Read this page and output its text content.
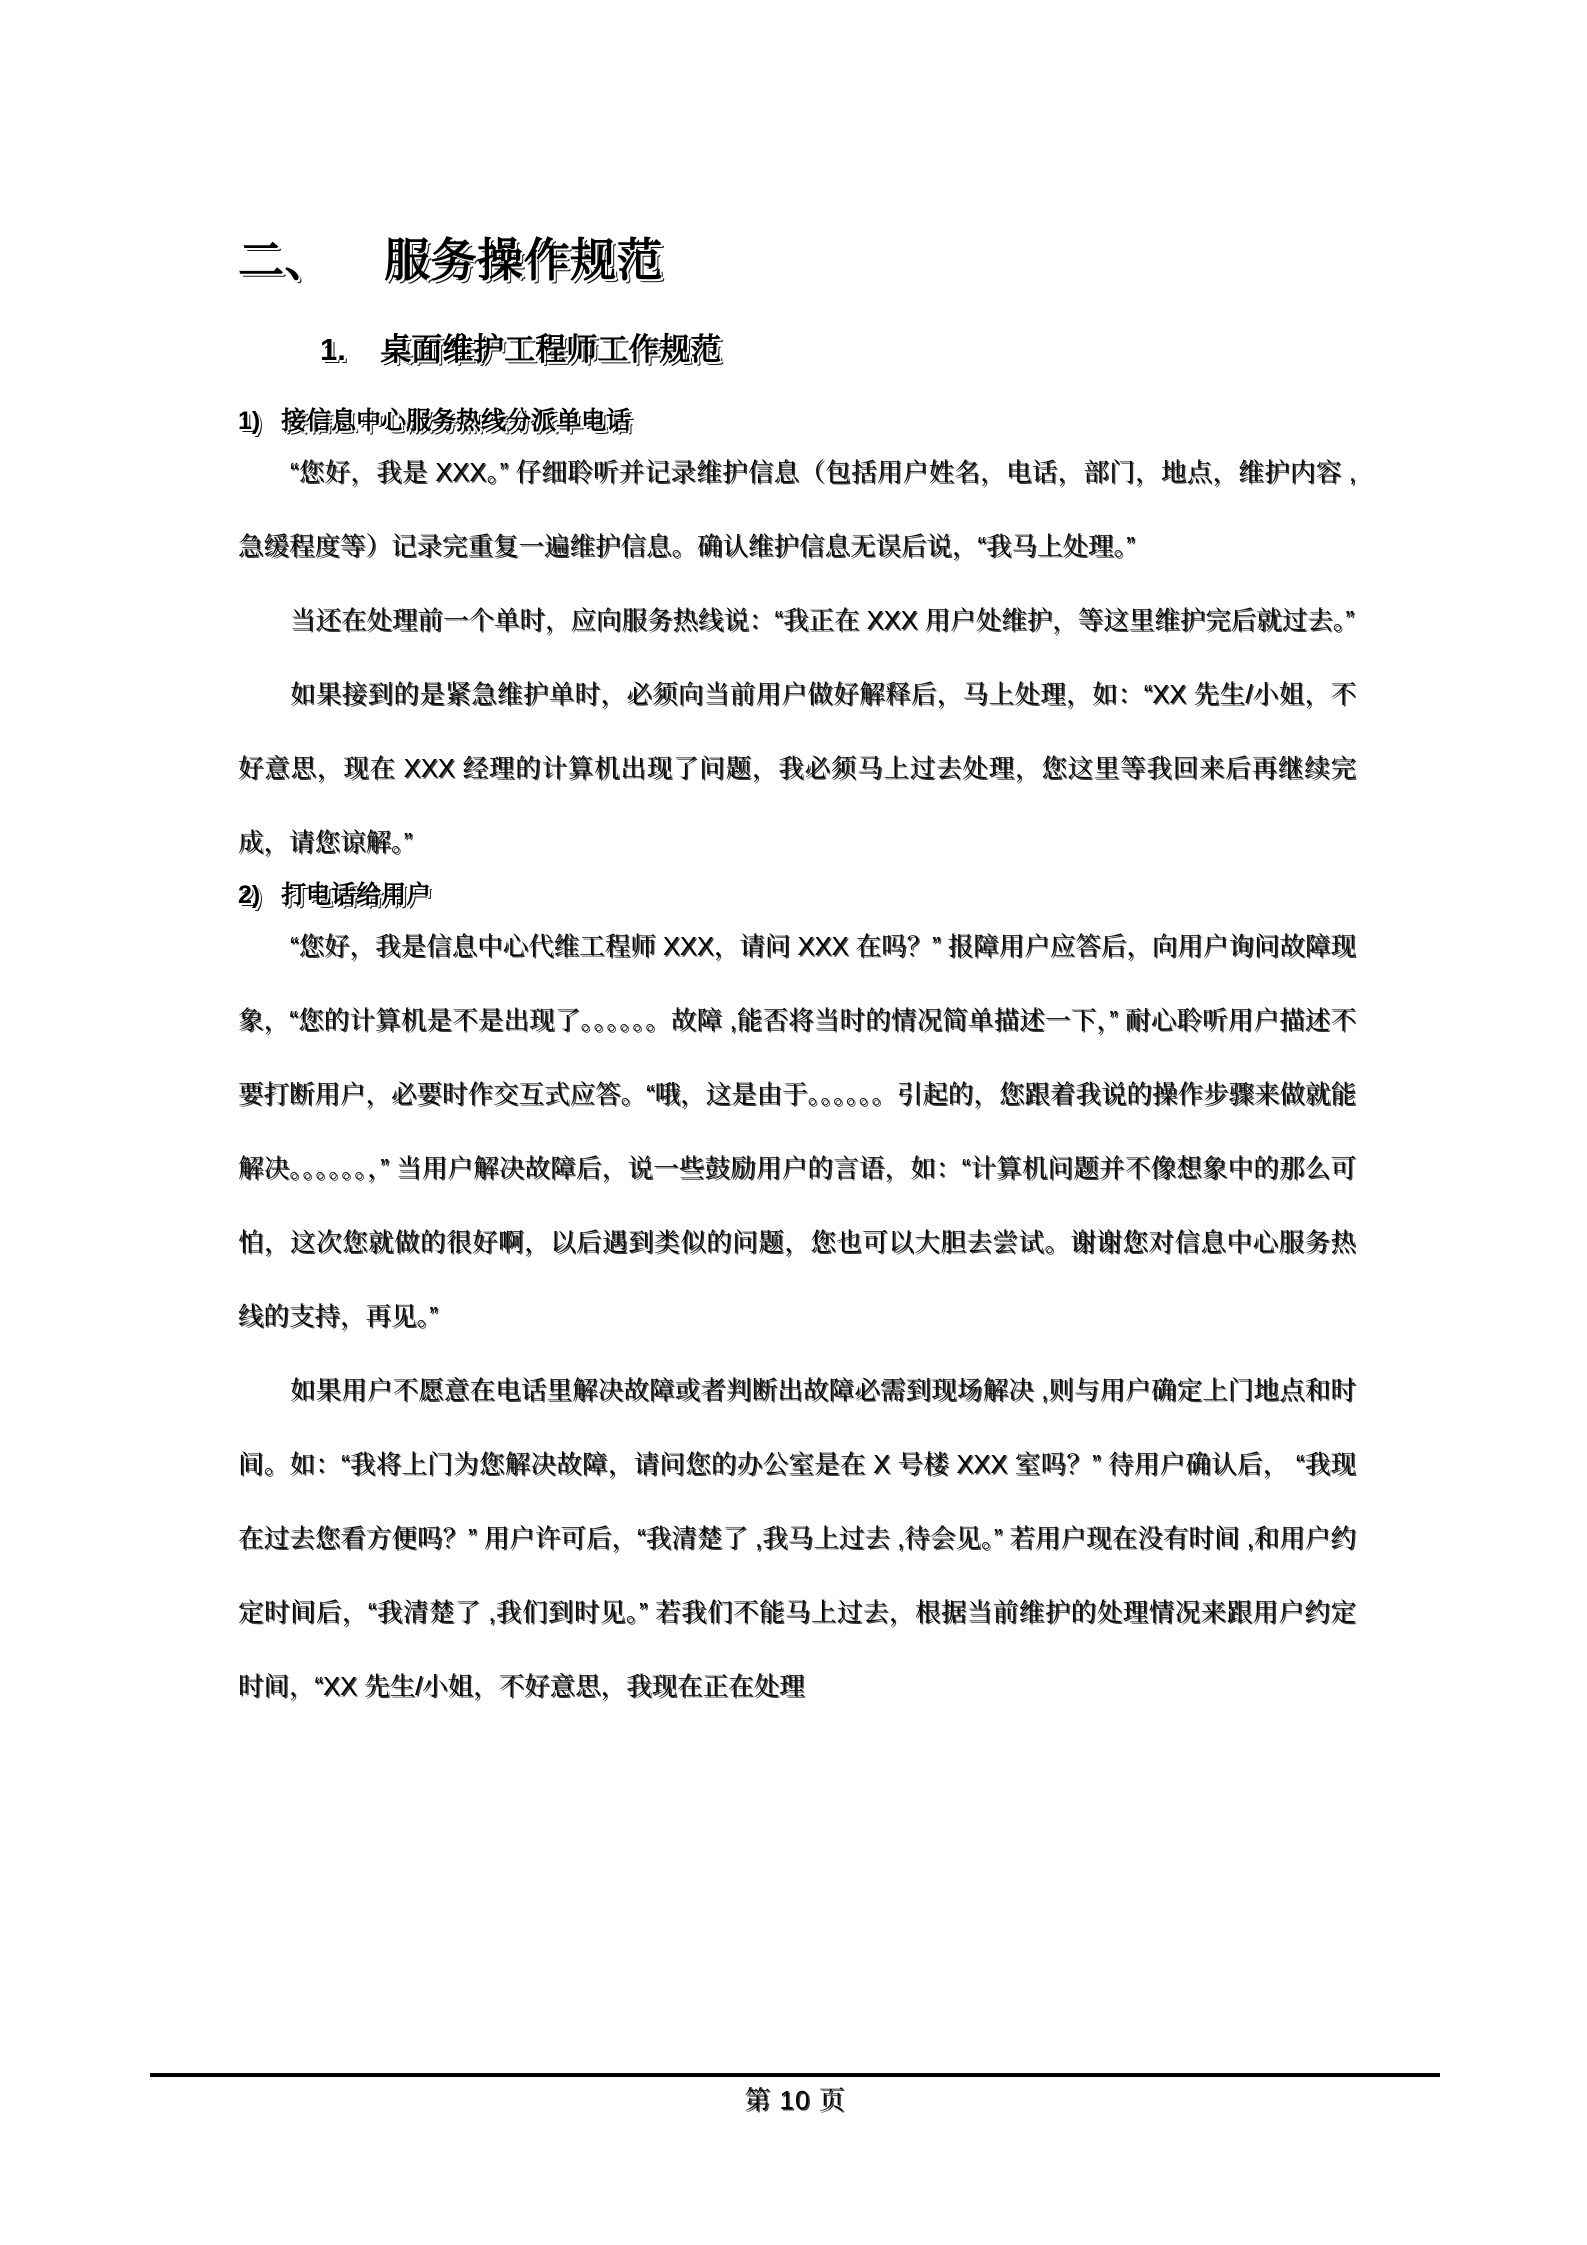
二、    服务操作规范
1.    桌面维护工程师工作规范
1)   接信息中心服务热线分派单电话

“您好，我是 XXX。” 仔细聆听并记录维护信息（包括用户姓名，电话，部门，地点，维护内容 ,急缓程度等）记录完重复一遍维护信息。确认维护信息无误后说，“我马上处理。”

当还在处理前一个单时，应向服务热线说：“我正在 XXX 用户处维护，等这里维护完后就过去。”

如果接到的是紧急维护单时，必须向当前用户做好解释后，马上处理，如：“XX 先生/小姐，不好意思，现在 XXX 经理的计算机出现了问题，我必须马上过去处理，您这里等我回来后再继续完成，请您谅解。”

2)   打电话给用户

“您好，我是信息中心代维工程师 XXX，请问 XXX 在吗？” 报障用户应答后，向用户询问故障现象，“您的计算机是不是出现了。。。。。。故障 ,能否将当时的情况简单描述一下，” 耐心聆听用户描述不要打断用户，必要时作交互式应答。“哦，这是由于。。。。。。引起的，您跟着我说的操作步骤来做就能解决。。。。。。，” 当用户解决故障后，说一些鼓励用户的言语，如：“计算机问题并不像想象中的那么可怕，这次您就做的很好啊，以后遇到类似的问题，您也可以大胆去尝试。谢谢您对信息中心服务热线的支持，再见。”

如果用户不愿意在电话里解决故障或者判断出故障必需到现场解决 ,则与用户确定上门地点和时间。如：“我将上门为您解决故障，请问您的办公室是在 X 号楼 XXX 室吗？” 待用户确认后， “我现在过去您看方便吗？” 用户许可后，“我清楚了 ,我马上过去 ,待会见。” 若用户现在没有时间 ,和用户约定时间后，“我清楚了 ,我们到时见。” 若我们不能马上过去，根据当前维护的处理情况来跟用户约定时间，“XX 先生/小姐，不好意思，我现在正在处理

第 10 页
